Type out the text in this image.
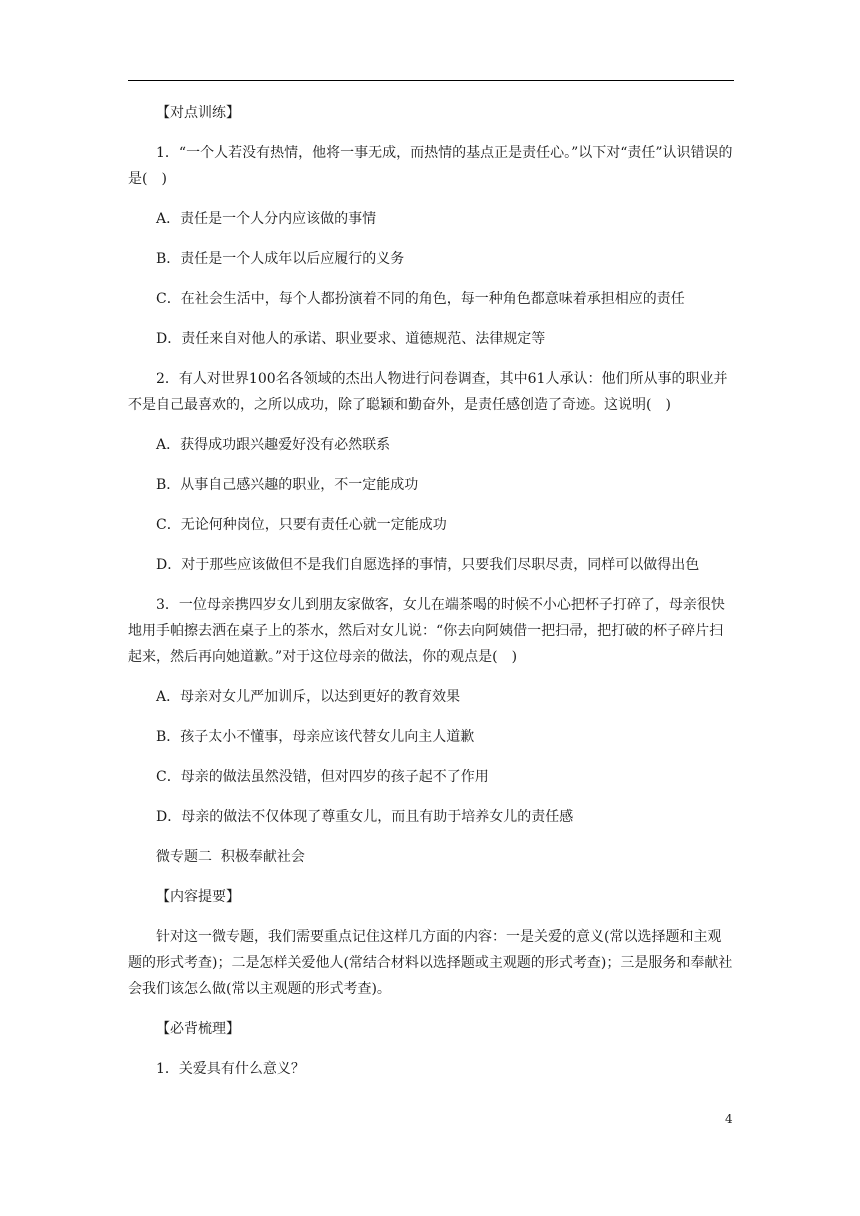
【对点训练】

1．“一个人若没有热情，他将一事无成，而热情的基点正是责任心。”以下对“责任”认识错误的是(　)

A．责任是一个人分内应该做的事情

B．责任是一个人成年以后应履行的义务

C．在社会生活中，每个人都扮演着不同的角色，每一种角色都意味着承担相应的责任

D．责任来自对他人的承诺、职业要求、道德规范、法律规定等

2．有人对世界100名各领域的杰出人物进行问卷调查，其中61人承认：他们所从事的职业并不是自己最喜欢的，之所以成功，除了聪颖和勤奋外，是责任感创造了奇迹。这说明(　)

A．获得成功跟兴趣爱好没有必然联系

B．从事自己感兴趣的职业，不一定能成功

C．无论何种岗位，只要有责任心就一定能成功

D．对于那些应该做但不是我们自愿选择的事情，只要我们尽职尽责，同样可以做得出色

3．一位母亲携四岁女儿到朋友家做客，女儿在端茶喝的时候不小心把杯子打碎了，母亲很快地用手帕擦去洒在桌子上的茶水，然后对女儿说：“你去向阿姨借一把扫帚，把打破的杯子碎片扫起来，然后再向她道歉。”对于这位母亲的做法，你的观点是(　)

A．母亲对女儿严加训斥，以达到更好的教育效果

B．孩子太小不懂事，母亲应该代替女儿向主人道歉

C．母亲的做法虽然没错，但对四岁的孩子起不了作用

D．母亲的做法不仅体现了尊重女儿，而且有助于培养女儿的责任感

微专题二  积极奉献社会

【内容提要】

针对这一微专题，我们需要重点记住这样几方面的内容：一是关爱的意义(常以选择题和主观题的形式考查)；二是怎样关爱他人(常结合材料以选择题或主观题的形式考查)；三是服务和奉献社会我们该怎么做(常以主观题的形式考查)。

【必背梳理】

1．关爱具有什么意义？

4
